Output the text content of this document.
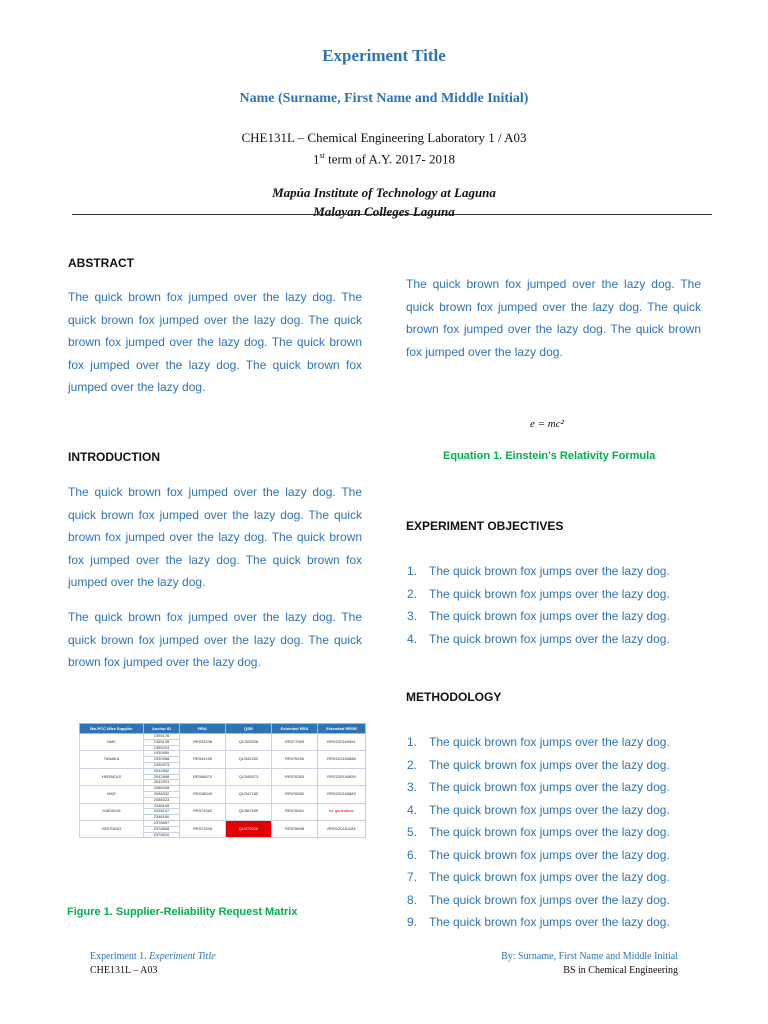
Experiment Title
Name (Surname, First Name and Middle Initial)
CHE131L – Chemical Engineering Laboratory 1 / A03
1st term of A.Y. 2017- 2018
Mapúa Institute of Technology at Laguna
Malayan Colleges Laguna
ABSTRACT
The quick brown fox jumped over the lazy dog. The quick brown fox jumped over the lazy dog. The quick brown fox jumped over the lazy dog. The quick brown fox jumped over the lazy dog. The quick brown fox jumped over the lazy dog.
INTRODUCTION
The quick brown fox jumped over the lazy dog. The quick brown fox jumped over the lazy dog. The quick brown fox jumped over the lazy dog. The quick brown fox jumped over the lazy dog. The quick brown fox jumped over the lazy dog.
The quick brown fox jumped over the lazy dog. The quick brown fox jumped over the lazy dog. The quick brown fox jumped over the lazy dog.
Bw-PCC Wire Supplier	Anchor ID	RRA	QSR	Extended RRA	Extended RRSR
NMC	1395176	RR293338	QU393528	RR377969	RRS220160691
	1395195				
	1395203				
TANAKA	1930950	RR344155	QU342202	RR375256	RRS220160888
	1930968				
	1930973				
HERAEUS	2042892	RR346570	QU345573	RR376363	RRS220160659
	2042898				
	2042901				
MKE	2088328	RR248049	QU347185	RR376552	RRS220160883
	2088332				
	2088323				
DAEWON	2348145	RR371062	QU367599	RR378301	for generation
	2348147				
	2348150				
HEESUNG	2378897	RR372526	QU370926	RR378698	RRS220161184
	2378898				
	2378810				
Figure 1. Supplier-Reliability Request Matrix
The quick brown fox jumped over the lazy dog. The quick brown fox jumped over the lazy dog. The quick brown fox jumped over the lazy dog. The quick brown fox jumped over the lazy dog.
e = mc²
Equation 1. Einstein's Relativity Formula
EXPERIMENT OBJECTIVES
1. The quick brown fox jumps over the lazy dog.
2. The quick brown fox jumps over the lazy dog.
3. The quick brown fox jumps over the lazy dog.
4. The quick brown fox jumps over the lazy dog.
METHODOLOGY
1. The quick brown fox jumps over the lazy dog.
2. The quick brown fox jumps over the lazy dog.
3. The quick brown fox jumps over the lazy dog.
4. The quick brown fox jumps over the lazy dog.
5. The quick brown fox jumps over the lazy dog.
6. The quick brown fox jumps over the lazy dog.
7. The quick brown fox jumps over the lazy dog.
8. The quick brown fox jumps over the lazy dog.
9. The quick brown fox jumps over the lazy dog.
Experiment 1. Experiment Title
CHE131L – A03
By: Surname, First Name and Middle Initial
BS in Chemical Engineering
